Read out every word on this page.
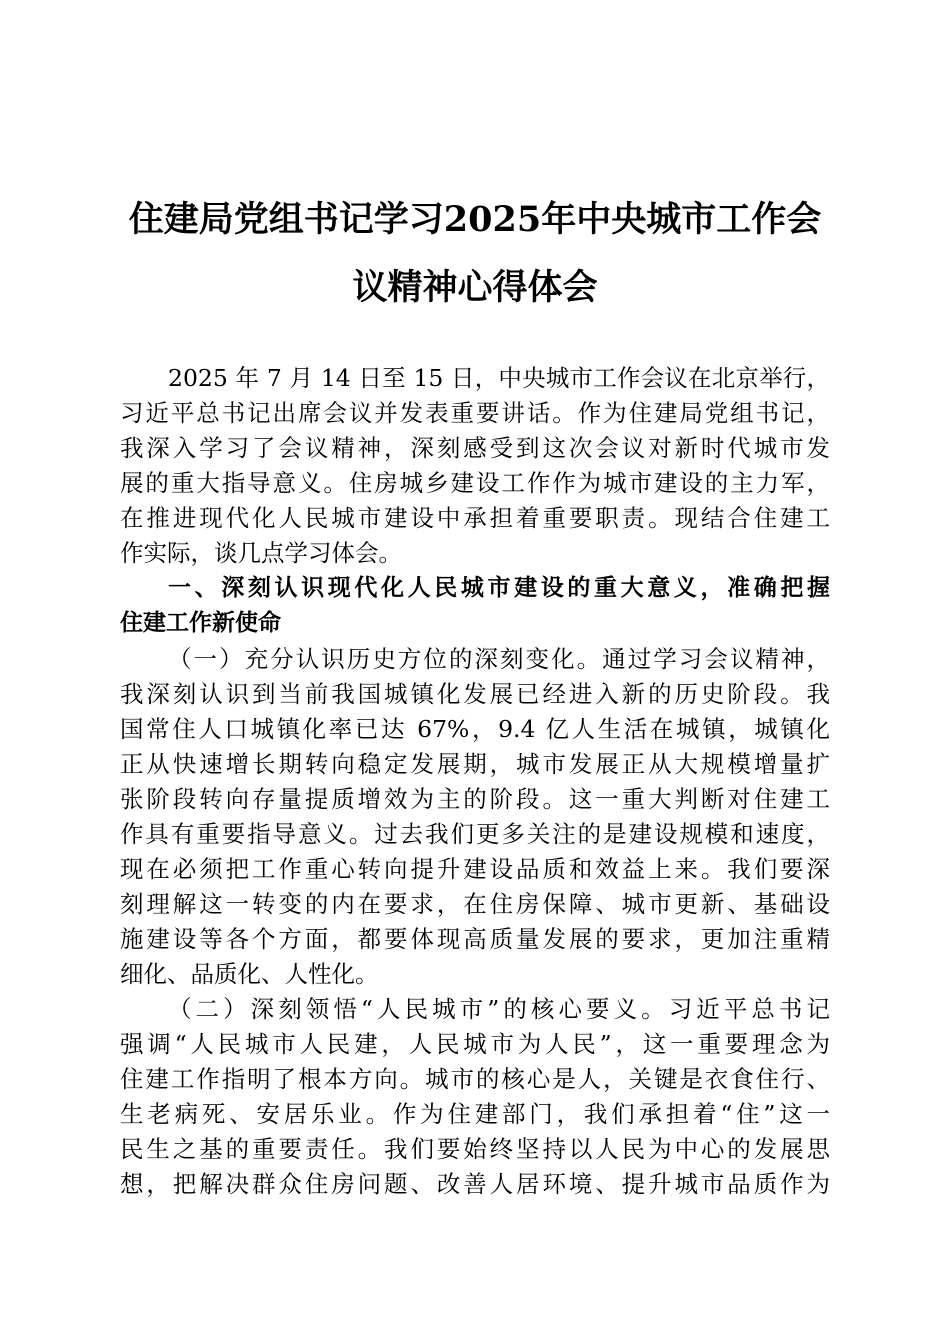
住建局党组书记学习2025年中央城市工作会
议精神心得体会
2025 年 7 月 14 日至 15 日，中央城市工作会议在北京举行，
习近平总书记出席会议并发表重要讲话。作为住建局党组书记，
我深入学习了会议精神，深刻感受到这次会议对新时代城市发
展的重大指导意义。住房城乡建设工作作为城市建设的主力军，
在推进现代化人民城市建设中承担着重要职责。现结合住建工
作实际，谈几点学习体会。
一、深刻认识现代化人民城市建设的重大意义，准确把握
住建工作新使命
（一）充分认识历史方位的深刻变化。通过学习会议精神，
我深刻认识到当前我国城镇化发展已经进入新的历史阶段。我
国常住人口城镇化率已达 67%，9.4 亿人生活在城镇，城镇化
正从快速增长期转向稳定发展期，城市发展正从大规模增量扩
张阶段转向存量提质增效为主的阶段。这一重大判断对住建工
作具有重要指导意义。过去我们更多关注的是建设规模和速度，
现在必须把工作重心转向提升建设品质和效益上来。我们要深
刻理解这一转变的内在要求，在住房保障、城市更新、基础设
施建设等各个方面，都要体现高质量发展的要求，更加注重精
细化、品质化、人性化。
（二）深刻领悟“人民城市”的核心要义。习近平总书记
强调“人民城市人民建，人民城市为人民”，这一重要理念为
住建工作指明了根本方向。城市的核心是人，关键是衣食住行、
生老病死、安居乐业。作为住建部门，我们承担着“住”这一
民生之基的重要责任。我们要始终坚持以人民为中心的发展思
想，把解决群众住房问题、改善人居环境、提升城市品质作为
